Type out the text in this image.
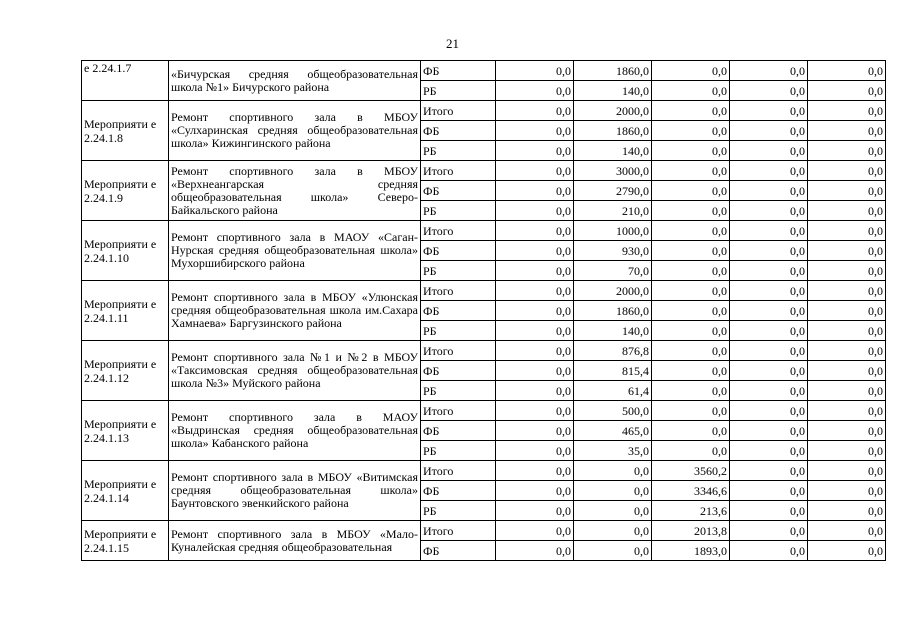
21
е 2.24.1.7	«Бичурская средняя общеобразовательная школа №1» Бичурского района	ФБ	0,0	1860,0	0,0	0,0	0,0
		РБ	0,0	140,0	0,0	0,0	0,0
Мероприяти е 2.24.1.8	Ремонт спортивного зала в МБОУ «Сулхаринская средняя общеобразовательная школа» Кижингинского района	Итого	0,0	2000,0	0,0	0,0	0,0
		ФБ	0,0	1860,0	0,0	0,0	0,0
		РБ	0,0	140,0	0,0	0,0	0,0
Мероприяти е 2.24.1.9	Ремонт спортивного зала в МБОУ «Верхнеангарская средняя общеобразовательная школа» Северо-Байкальского района	Итого	0,0	3000,0	0,0	0,0	0,0
		ФБ	0,0	2790,0	0,0	0,0	0,0
		РБ	0,0	210,0	0,0	0,0	0,0
Мероприяти е 2.24.1.10	Ремонт спортивного зала в МАОУ «Саган-Нурская средняя общеобразовательная школа» Мухоршибирского района	Итого	0,0	1000,0	0,0	0,0	0,0
		ФБ	0,0	930,0	0,0	0,0	0,0
		РБ	0,0	70,0	0,0	0,0	0,0
Мероприяти е 2.24.1.11	Ремонт спортивного зала в МБОУ «Улюнская средняя общеобразовательная школа им.Сахара Хамнаева» Баргузинского района	Итого	0,0	2000,0	0,0	0,0	0,0
		ФБ	0,0	1860,0	0,0	0,0	0,0
		РБ	0,0	140,0	0,0	0,0	0,0
Мероприяти е 2.24.1.12	Ремонт спортивного зала №1 и №2 в МБОУ «Таксимовская средняя общеобразовательная школа №3» Муйского района	Итого	0,0	876,8	0,0	0,0	0,0
		ФБ	0,0	815,4	0,0	0,0	0,0
		РБ	0,0	61,4	0,0	0,0	0,0
Мероприяти е 2.24.1.13	Ремонт спортивного зала в МАОУ «Выдринская средняя общеобразовательная школа» Кабанского района	Итого	0,0	500,0	0,0	0,0	0,0
		ФБ	0,0	465,0	0,0	0,0	0,0
		РБ	0,0	35,0	0,0	0,0	0,0
Мероприяти е 2.24.1.14	Ремонт спортивного зала в МБОУ «Витимская средняя общеобразовательная школа» Баунтовского эвенкийского района	Итого	0,0	0,0	3560,2	0,0	0,0
		ФБ	0,0	0,0	3346,6	0,0	0,0
		РБ	0,0	0,0	213,6	0,0	0,0
Мероприяти е 2.24.1.15	Ремонт спортивного зала в МБОУ «Мало-Куналейская средняя общеобразовательная	Итого	0,0	0,0	2013,8	0,0	0,0
		ФБ	0,0	0,0	1893,0	0,0	0,0
